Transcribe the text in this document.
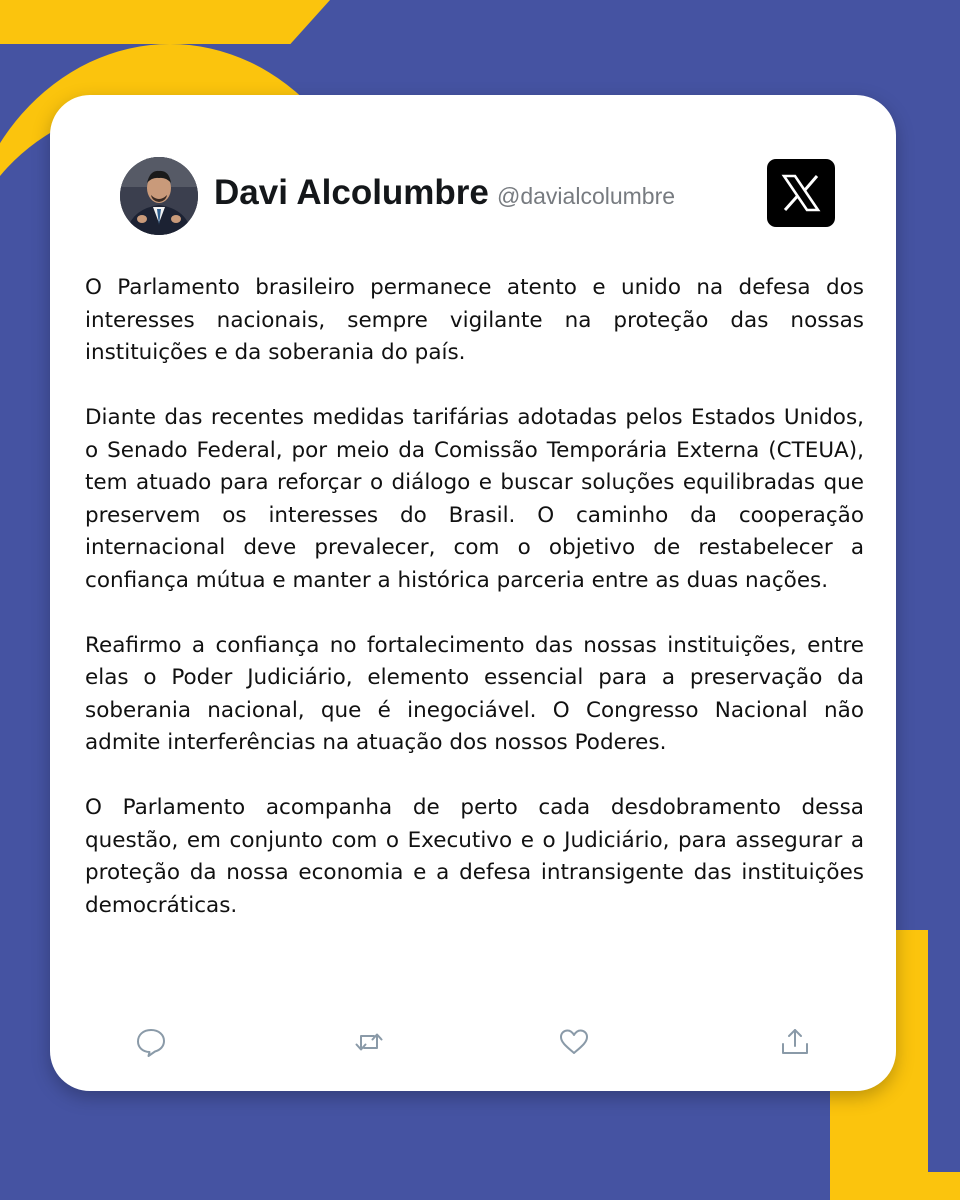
Davi Alcolumbre @davialcolumbre

O Parlamento brasileiro permanece atento e unido na defesa dos interesses nacionais, sempre vigilante na proteção das nossas instituições e da soberania do país.

Diante das recentes medidas tarifárias adotadas pelos Estados Unidos, o Senado Federal, por meio da Comissão Temporária Externa (CTEUA), tem atuado para reforçar o diálogo e buscar soluções equilibradas que preservem os interesses do Brasil. O caminho da cooperação internacional deve prevalecer, com o objetivo de restabelecer a confiança mútua e manter a histórica parceria entre as duas nações.

Reafirmo a confiança no fortalecimento das nossas instituições, entre elas o Poder Judiciário, elemento essencial para a preservação da soberania nacional, que é inegociável. O Congresso Nacional não admite interferências na atuação dos nossos Poderes.

O Parlamento acompanha de perto cada desdobramento dessa questão, em conjunto com o Executivo e o Judiciário, para assegurar a proteção da nossa economia e a defesa intransigente das instituições democráticas.
